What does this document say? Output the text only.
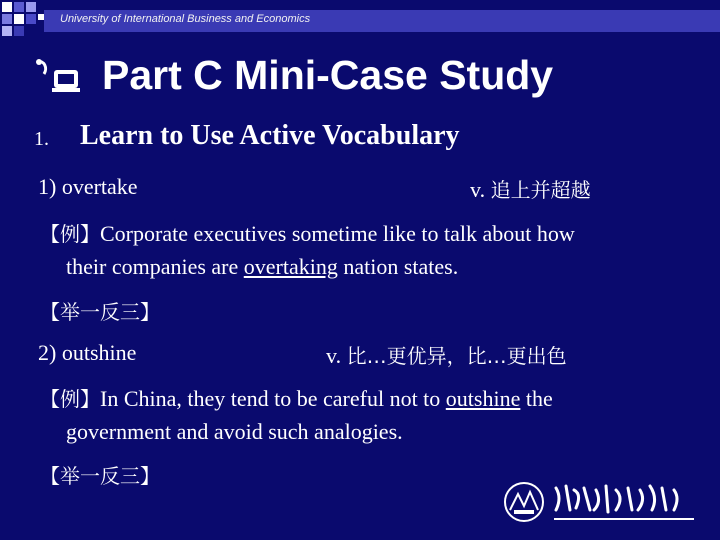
University of International Business and Economics
Part C Mini-Case Study
1. Learn to Use Active Vocabulary
1) overtake	v. 追上并超越
【例】Corporate executives sometime like to talk about how
their companies are overtaking nation states.
【举一反三】
2) outshine	v. 比…更优异，比…更出色
【例】In China, they tend to be careful not to outshine the
government and avoid such analogies.
【举一反三】
